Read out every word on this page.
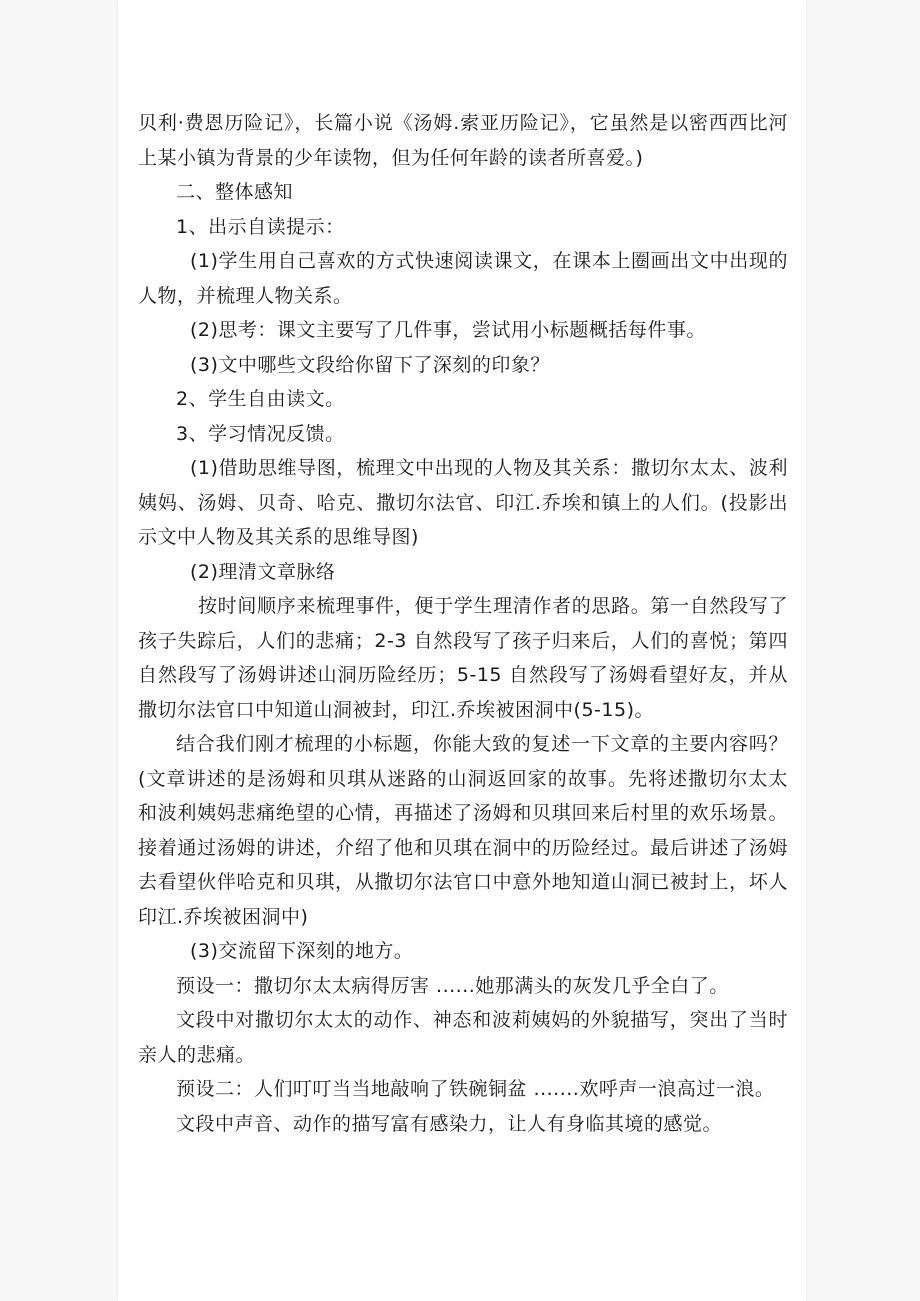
贝利·费恩历险记》，长篇小说《汤姆.索亚历险记》，它虽然是以密西西比河上某小镇为背景的少年读物，但为任何年龄的读者所喜爱。)

二、整体感知

1、出示自读提示：

(1)学生用自己喜欢的方式快速阅读课文，在课本上圈画出文中出现的人物，并梳理人物关系。

(2)思考：课文主要写了几件事，尝试用小标题概括每件事。

(3)文中哪些文段给你留下了深刻的印象？

2、学生自由读文。

3、学习情况反馈。

(1)借助思维导图，梳理文中出现的人物及其关系：撒切尔太太、波利姨妈、汤姆、贝奇、哈克、撒切尔法官、印江.乔埃和镇上的人们。(投影出示文中人物及其关系的思维导图)

(2)理清文章脉络

按时间顺序来梳理事件，便于学生理清作者的思路。第一自然段写了孩子失踪后，人们的悲痛；2-3 自然段写了孩子归来后，人们的喜悦；第四自然段写了汤姆讲述山洞历险经历；5-15 自然段写了汤姆看望好友，并从撒切尔法官口中知道山洞被封，印江.乔埃被困洞中(5-15)。

结合我们刚才梳理的小标题，你能大致的复述一下文章的主要内容吗？(文章讲述的是汤姆和贝琪从迷路的山洞返回家的故事。先将述撒切尔太太和波利姨妈悲痛绝望的心情，再描述了汤姆和贝琪回来后村里的欢乐场景。接着通过汤姆的讲述，介绍了他和贝琪在洞中的历险经过。最后讲述了汤姆去看望伙伴哈克和贝琪，从撒切尔法官口中意外地知道山洞已被封上，坏人印江.乔埃被困洞中)

(3)交流留下深刻的地方。

预设一：撒切尔太太病得厉害 ......她那满头的灰发几乎全白了。

文段中对撒切尔太太的动作、神态和波莉姨妈的外貌描写，突出了当时亲人的悲痛。

预设二：人们叮叮当当地敲响了铁碗铜盆 .......欢呼声一浪高过一浪。

文段中声音、动作的描写富有感染力，让人有身临其境的感觉。
